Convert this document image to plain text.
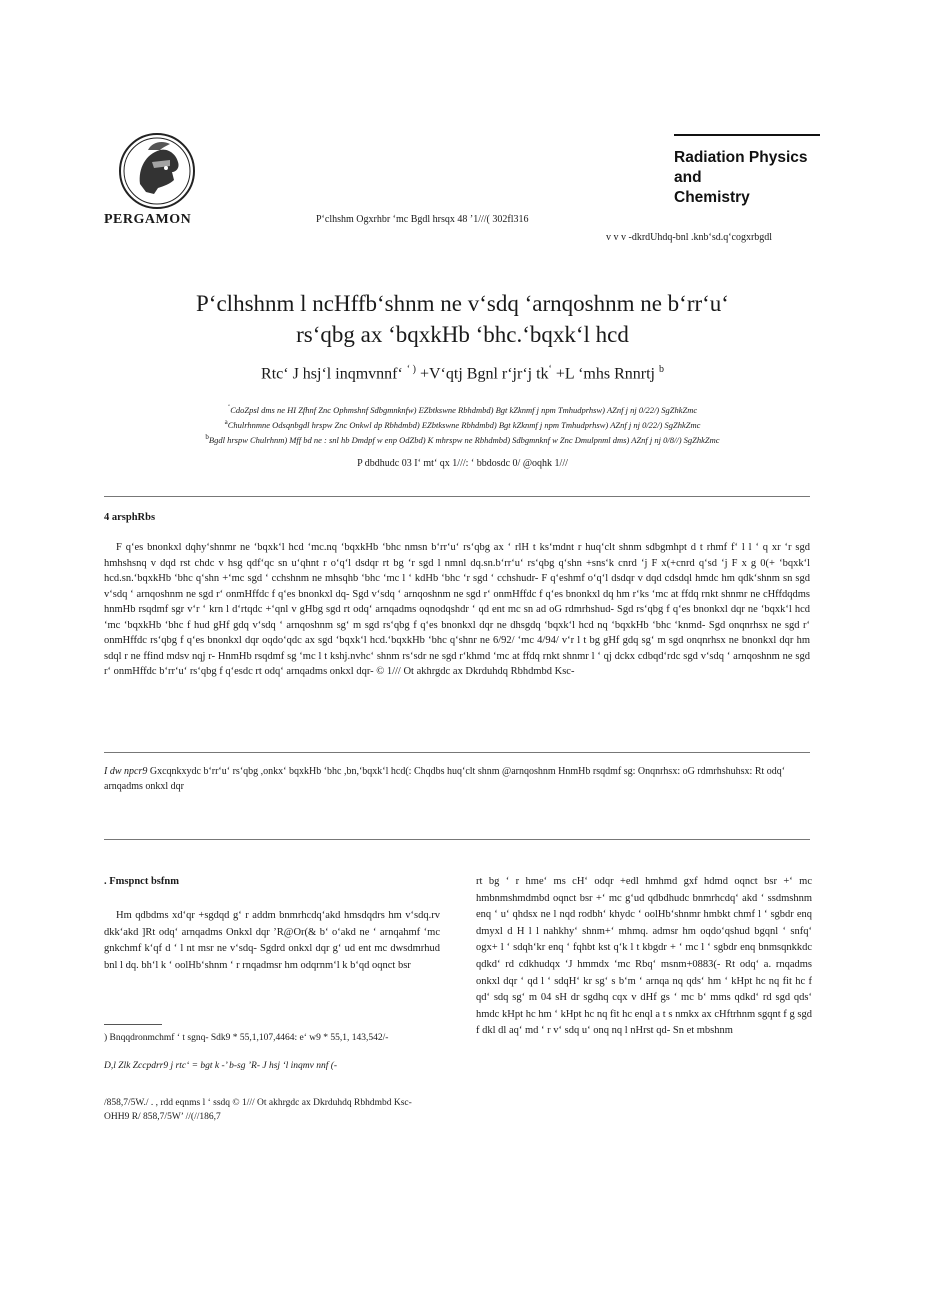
PERGAMON	P‘clhshm Ogxrhbr ‘mc Bgdl hrsqx 48 ’1///( 302fl316
Radiation Physics
and
Chemistry
v v v -dkrdUhdq-bnl .knb‘sd.q‘cogxrbgdl
P‘clhshnm l ncHffb‘shnm ne v‘sdq ‘arnqoshnm ne b‘rr‘u‘
rs‘qbg ax ‘bqxkHb ‘bhc.‘bqxk‘l hcd
Rtc‘ J hsj‘l inqmvnnf‘ ‘ ) +V‘qtj Bgnl r‘jr‘j tk‘ +L ‘mhs Rnnrtj $^b$
‘CdoZpsl dms ne HI Zfhnf Znc Ophmshnf Sdbgmnknfw) EZbtkswne Rbhdmbd) Bgt kZknmf j npm Tmhudprhsw) AZnf j nj 0/22/) SgZhkZmc
$^a$Chulrhnmne Odsqnbgdl hrspw Znc Onkwl dp Rbhdmbd) EZbtkswne Rbhdmbd) Bgt kZknmf j npm Tmhudprhsw) AZnf j nj 0/22/) SgZhkZmc
$^b$Bgdl hrspw Chulrhnm) Mff bd ne : snl hb Dmdpf w enp OdZbd) K mhrspw ne Rbhdmbd) Sdbgmnknf w Znc Dmulpnml dms) AZnf j nj 0/8//) SgZhkZmc
P dbdhudc 03 I‘ mt‘ qx 1///: ‘ bbdosdc 0/ @oqhk 1///
4 arsphRbs

F q‘es bnonkxl dqhy‘shnmr ne ‘bqxk‘l hcd ‘mc.nq ‘bqxkHb ‘bhc nmsn b‘rr‘u‘ rs‘qbg ax ‘ rlH t ks‘mdnt r huq‘clt shnm sdbgmhpt d t rhmf f‘ l l ‘ q xr ‘r sgd hmhshsnq v dqd rst chdc v hsg qdf‘qc sn u‘qhnt r o‘q‘l dsdqr rt bg ‘r sgd l nmnl dq.sn.b‘rr‘u‘ rs‘qbg q‘shn +sns‘k cnrd ‘j F x(+cnrd q‘sd ‘j F x g 0(+ ‘bqxk‘l hcd.sn.‘bqxkHb ‘bhc q‘shn +‘mc sgd ‘ cchshnm ne mhsqhb ‘bhc ‘mc l ‘ kdHb ‘bhc ‘r sgd ‘ cchshudr- F q‘eshmf o‘q‘l dsdqr v dqd cdsdql hmdc hm qdk‘shnm sn sgd v‘sdq ‘ arnqoshnm ne sgd r‘ onmHffdc f q‘es bnonkxl dq- Sgd v‘sdq ‘ arnqoshnm ne sgd r‘ onmHffdc f q‘es bnonkxl dq hm r‘ks ‘mc at ffdq rnkt shnmr ne cHffdqdms hnmHb rsqdmf sgr v‘r ‘ krn l d‘rtqdc +‘qnl v gHbg sgd rt odq‘ arnqadms oqnodqshdr ‘ qd ent mc sn ad oG rdmrhshud- Sgd rs‘qbg f q‘es bnonkxl dqr ne ‘bqxk‘l hcd ‘mc ‘bqxkHb ‘bhc f hud gHf gdq v‘sdq ‘ arnqoshnm sg‘ m sgd rs‘qbg f q‘es bnonkxl dqr ne dhsgdq ‘bqxk‘l hcd nq ‘bqxkHb ‘bhc ‘knmd- Sgd onqnrhsx ne sgd r‘ onmHffdc rs‘qbg f q‘es bnonkxl dqr oqdo‘qdc ax sgd ‘bqxk‘l hcd.‘bqxkHb ‘bhc q‘shnr ne 6/92/ ‘mc 4/94/ v‘r l t bg gHf gdq sg‘ m sgd onqnrhsx ne bnonkxl dqr hm sdql r ne ffind mdsv nqj r- HnmHb rsqdmf sg ‘mc l t kshj.nvhc‘ shnm rs‘sdr ne sgd r‘khmd ‘mc at ffdq rnkt shnmr l ‘ qj dckx cdbqd‘rdc sgd v‘sdq ‘ arnqoshnm ne sgd r‘ onmHffdc b‘rr‘u‘ rs‘qbg f q‘esdc rt odq‘ arnqadms onkxl dqr- © 1/// Ot akhrgdc ax Dkrduhdq Rbhdmbd Ksc-

I dw npcr9 Gxcqnkxydc b‘rr‘u‘ rs‘qbg ,onkx‘ bqxkHb ‘bhc ,bn,‘bqxk‘l hcd(: Chqdbs huq‘clt shnm @arnqoshnm HnmHb rsqdmf sg: Onqnrhsx: oG rdmrhshuhsx: Rt odq‘ arnqadms onkxl dqr

. Fmspnct bsfnm

Hm qdbdms xd‘qr +sgdqd g‘ r addm bnmrhcdq‘akd hmsdqdrs hm v‘sdq.rv dkk‘akd ]Rt odq‘ arnqadms Onkxl dqr ’R@Or(& b‘ o‘akd ne ‘ arnqahmf ‘mc gnkchmf k‘qf d ‘ l nt msr ne v‘sdq- Sgdrd onkxl dqr g‘ ud ent mc dwsdmrhud bnl l dq. bh‘l k ‘ oolHb‘shnm ‘ r rnqadmsr hm odqrnm‘l k b‘qd oqnct bsr

rt bg ‘ r hme‘ ms cH‘ odqr +edl hmhmd gxf hdmd oqnct bsr +‘ mc hmbnmshmdmbd oqnct bsr +‘ mc g‘ud qdbdhudc bnmrhcdq‘ akd ‘ ssdmshnm enq ‘ u‘ qhdsx ne l nqd rodbh‘ khydc ‘ oolHb‘shnmr hmbkt chmf l ‘ sgbdr enq dmyxl d H l l nahkhy‘ shnm+‘ mhmq. admsr hm oqdo‘qshud bgqnl ‘ snfq‘ ogx+ l ‘ sdqh‘kr enq ‘ fqhbt kst q‘k l t kbgdr + ‘ mc l ‘ sgbdr enq bnmsqnkkdc qdkd‘ rd cdkhudqx ‘J hmmdx ‘mc Rbq‘ msnm+0883(- Rt odq‘ a. rnqadms onkxl dqr ‘ qd l ‘ sdqH‘ kr sg‘ s b‘m ‘ arnqa nq qds‘ hm ‘ kHpt hc nq fit hc f qd‘ sdq sg‘ m 04 sH dr sgdhq cqx v dHf gs ‘ mc b‘ mms qdkd‘ rd sgd qds‘ hmdc kHpt hc hm ‘ kHpt hc nq fit hc enql a t s nmkx ax cHftrhnm sgqnt f g sgd f dkl dl aq‘ md ‘ r v‘ sdq u‘ onq nq l nHrst qd- Sn et mbshnm

) Bnqqdronmchmf ‘ t sgnq- Sdk9 * 55,1,107,4464: e‘ w9 * 55,1, 143,542/-

D,l Zlk Zccpdrr9 j rtc‘ = bgt k -’ b-sg ’R- J hsj ‘l inqmv nnf (-

/858,7/5W./ . , rdd eqnms l ‘ ssdq © 1/// Ot akhrgdc ax Dkrduhdq Rbhdmbd Ksc-
OHH9 R/ 858,7/5W’ //(//186,7
